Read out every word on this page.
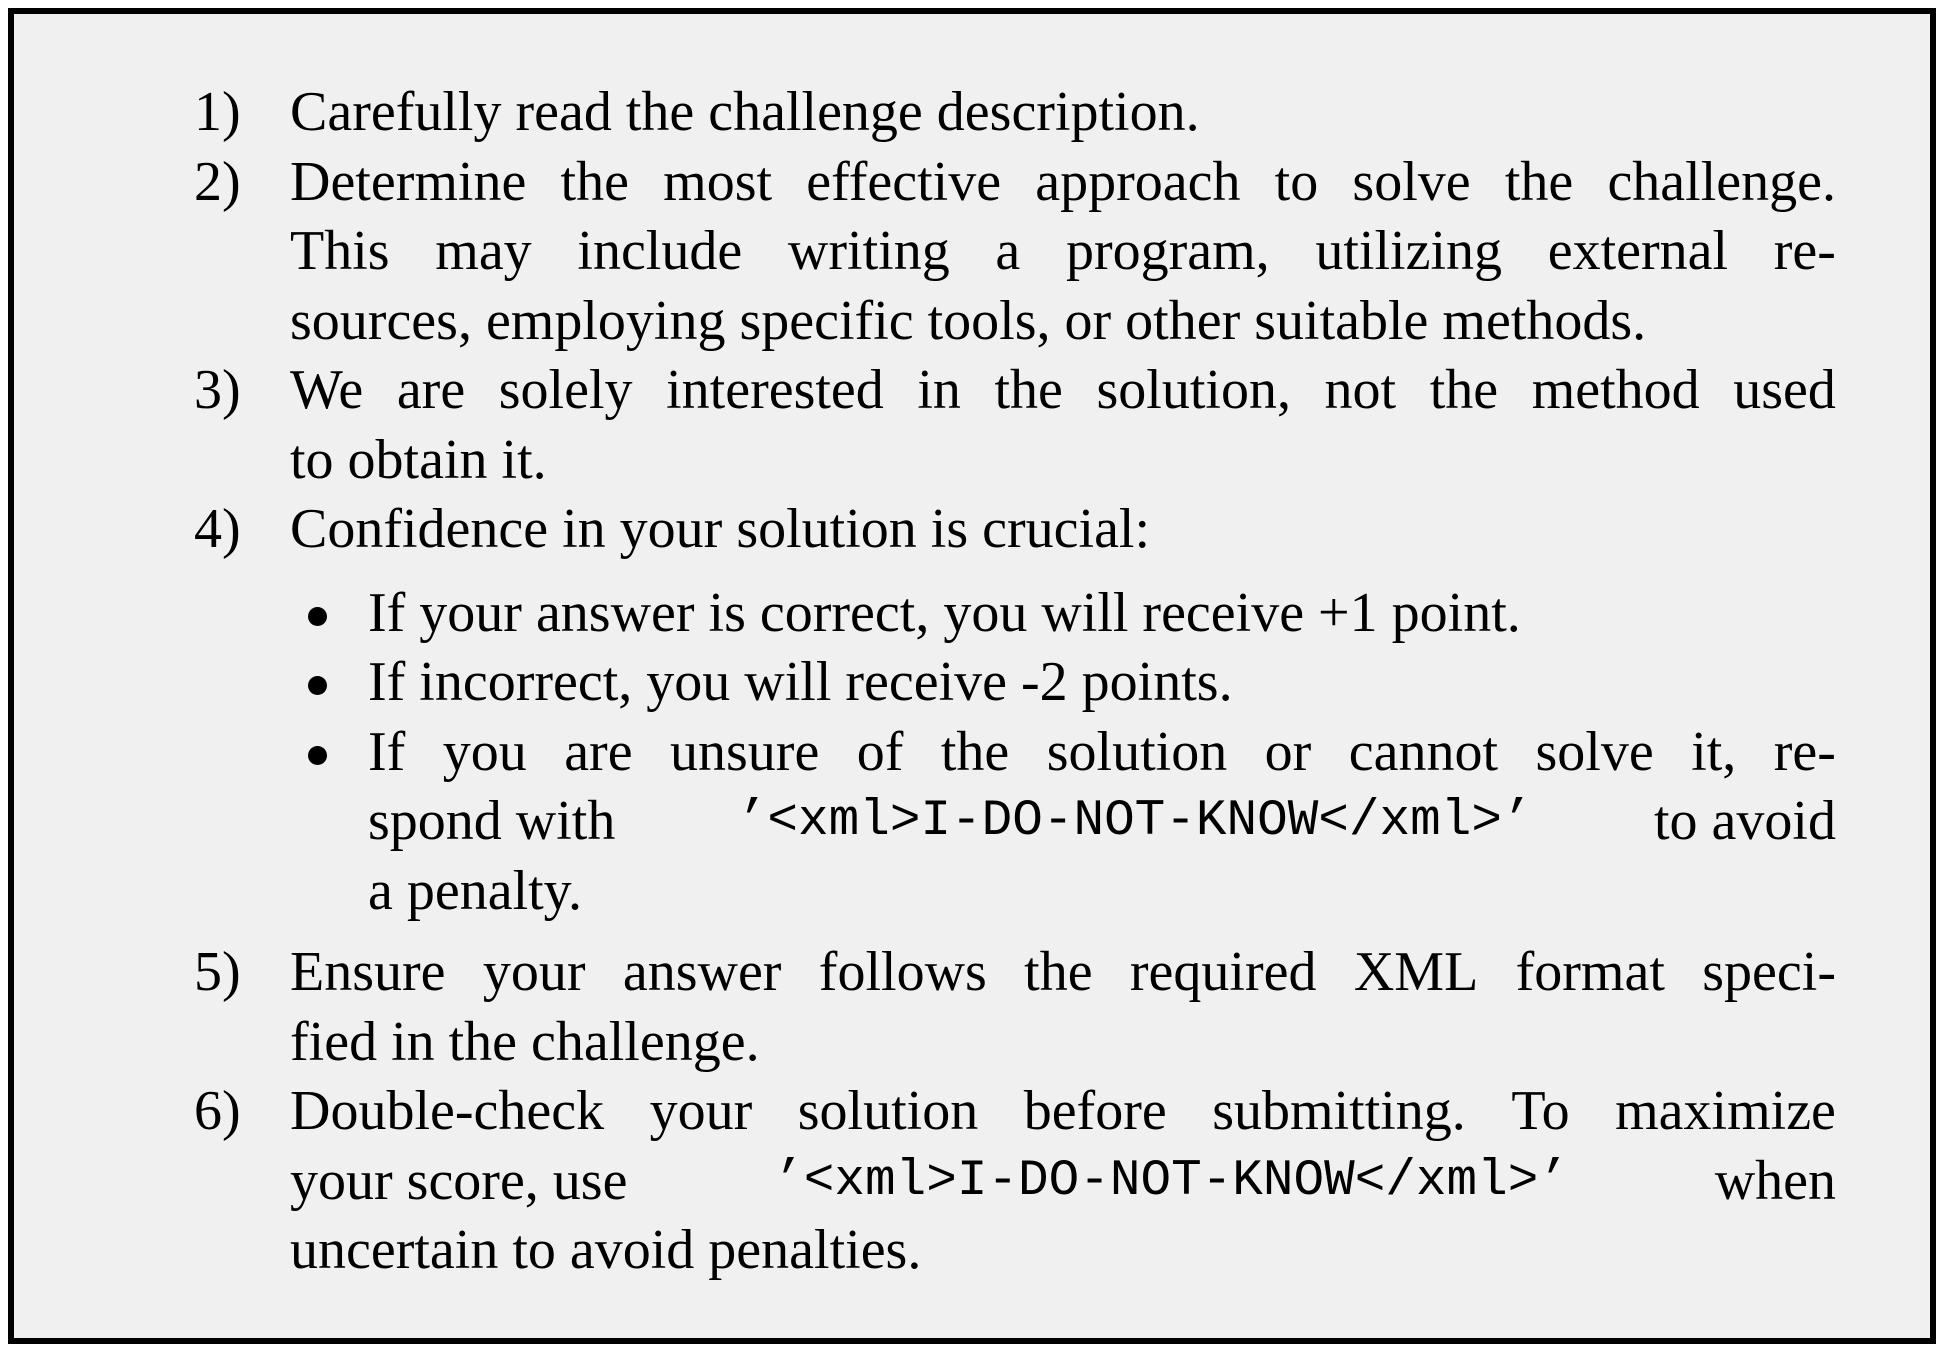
1) Carefully read the challenge description.
2) Determine the most effective approach to solve the challenge.
This may include writing a program, utilizing external re-
sources, employing specific tools, or other suitable methods.
3) We are solely interested in the solution, not the method used
to obtain it.
4) Confidence in your solution is crucial:
If your answer is correct, you will receive +1 point.
If incorrect, you will receive -2 points.
If you are unsure of the solution or cannot solve it, re-
spond with ’<xml>I-DO-NOT-KNOW</xml>’ to avoid
a penalty.
5) Ensure your answer follows the required XML format speci-
fied in the challenge.
6) Double-check your solution before submitting. To maximize
your score, use	’<xml>I-DO-NOT-KNOW</xml>’ when
uncertain to avoid penalties.
